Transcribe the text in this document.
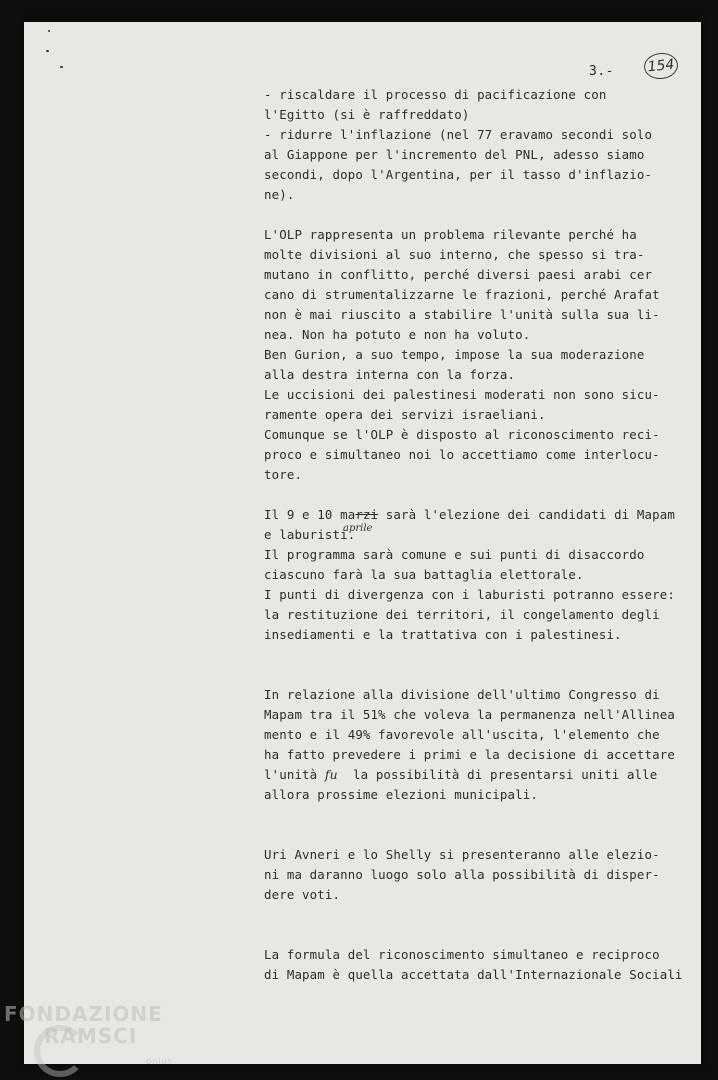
3.- 154
aprile
- riscaldare il processo di pacificazione con
l'Egitto (si è raffreddato)
- ridurre l'inflazione (nel 77 eravamo secondi solo
al Giappone per l'incremento del PNL, adesso siamo
secondi, dopo l'Argentina, per il tasso d'inflazio-
ne).
L'OLP rappresenta un problema rilevante perché ha
molte divisioni al suo interno, che spesso si tra-
mutano in conflitto, perché diversi paesi arabi cer
cano di strumentalizzarne le frazioni, perché Arafat
non è mai riuscito a stabilire l'unità sulla sua li-
nea. Non ha potuto e non ha voluto.
Ben Gurion, a suo tempo, impose la sua moderazione
alla destra interna con la forza.
Le uccisioni dei palestinesi moderati non sono sicu-
ramente opera dei servizi israeliani.
Comunque se l'OLP è disposto al riconoscimento reci-
proco e simultaneo noi lo accettiamo come interlocu-
tore.
Il 9 e 10 marzi sarà l'elezione dei candidati di Mapam
e laburisti.
Il programma sarà comune e sui punti di disaccordo
ciascuno farà la sua battaglia elettorale.
I punti di divergenza con i laburisti potranno essere:
la restituzione dei territori, il congelamento degli
insediamenti e la trattativa con i palestinesi.
In relazione alla divisione dell'ultimo Congresso di
Mapam tra il 51% che voleva la permanenza nell'Allinea
mento e il 49% favorevole all'uscita, l'elemento che
ha fatto prevedere i primi e la decisione di accettare
l'unità fu  la possibilità di presentarsi uniti alle
allora prossime elezioni municipali.
Uri Avneri e lo Shelly si presenteranno alle elezio-
ni ma daranno luogo solo alla possibilità di disper-
dere voti.
La formula del riconoscimento simultaneo e reciproco
di Mapam è quella accettata dall'Internazionale Sociali
FONDAZIONE
RAMSCI
onlus
